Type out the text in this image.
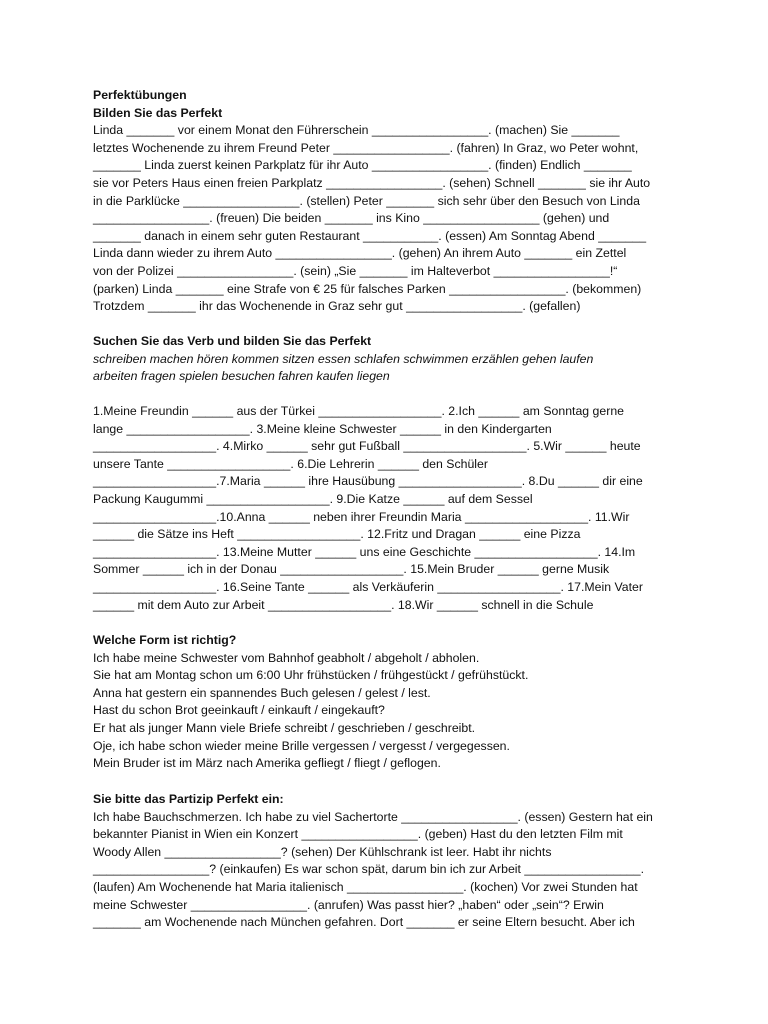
Perfektübungen
Bilden Sie das Perfekt
Linda _______ vor einem Monat den Führerschein _________________. (machen) Sie _______
letztes Wochenende zu ihrem Freund Peter _________________. (fahren) In Graz, wo Peter wohnt,
_______ Linda zuerst keinen Parkplatz für ihr Auto _________________. (finden) Endlich _______
sie vor Peters Haus einen freien Parkplatz _________________. (sehen) Schnell _______ sie ihr Auto
in die Parklücke _________________. (stellen) Peter _______ sich sehr über den Besuch von Linda
_________________. (freuen) Die beiden _______ ins Kino _________________ (gehen) und
_______ danach in einem sehr guten Restaurant ___________. (essen) Am Sonntag Abend _______
Linda dann wieder zu ihrem Auto _________________. (gehen) An ihrem Auto _______ ein Zettel
von der Polizei _________________. (sein) „Sie _______ im Halteverbot _________________!“
(parken) Linda _______ eine Strafe von € 25 für falsches Parken _________________. (bekommen)
Trotzdem _______ ihr das Wochenende in Graz sehr gut _________________. (gefallen)
Suchen Sie das Verb und bilden Sie das Perfekt
schreiben machen hören kommen sitzen essen schlafen schwimmen erzählen gehen laufen
arbeiten fragen spielen besuchen fahren kaufen liegen
1.Meine Freundin ______ aus der Türkei __________________. 2.Ich ______ am Sonntag gerne
lange __________________. 3.Meine kleine Schwester ______ in den Kindergarten
__________________. 4.Mirko ______ sehr gut Fußball __________________. 5.Wir ______ heute
unsere Tante __________________. 6.Die Lehrerin ______ den Schüler
__________________.7.Maria ______ ihre Hausübung __________________. 8.Du ______ dir eine
Packung Kaugummi __________________. 9.Die Katze ______ auf dem Sessel
__________________.10.Anna ______ neben ihrer Freundin Maria __________________. 11.Wir
______ die Sätze ins Heft __________________. 12.Fritz und Dragan ______ eine Pizza
__________________. 13.Meine Mutter ______ uns eine Geschichte __________________. 14.Im
Sommer ______ ich in der Donau __________________. 15.Mein Bruder ______ gerne Musik
__________________. 16.Seine Tante ______ als Verkäuferin __________________. 17.Mein Vater
______ mit dem Auto zur Arbeit __________________. 18.Wir ______ schnell in die Schule
Welche Form ist richtig?
Ich habe meine Schwester vom Bahnhof geabholt / abgeholt / abholen.
Sie hat am Montag schon um 6:00 Uhr frühstücken / frühgestückt / gefrühstückt.
Anna hat gestern ein spannendes Buch gelesen / gelest / lest.
Hast du schon Brot geeinkauft / einkauft / eingekauft?
Er hat als junger Mann viele Briefe schreibt / geschrieben / geschreibt.
Oje, ich habe schon wieder meine Brille vergessen / vergesst / vergegessen.
Mein Bruder ist im März nach Amerika gefliegt / fliegt / geflogen.
Sie bitte das Partizip Perfekt ein:
Ich habe Bauchschmerzen. Ich habe zu viel Sachertorte _________________. (essen) Gestern hat ein
bekannter Pianist in Wien ein Konzert _________________. (geben) Hast du den letzten Film mit
Woody Allen _________________? (sehen) Der Kühlschrank ist leer. Habt ihr nichts
_________________? (einkaufen) Es war schon spät, darum bin ich zur Arbeit _________________.
(laufen) Am Wochenende hat Maria italienisch _________________. (kochen) Vor zwei Stunden hat
meine Schwester _________________. (anrufen) Was passt hier? „haben“ oder „sein“? Erwin
_______ am Wochenende nach München gefahren. Dort _______ er seine Eltern besucht. Aber ich
